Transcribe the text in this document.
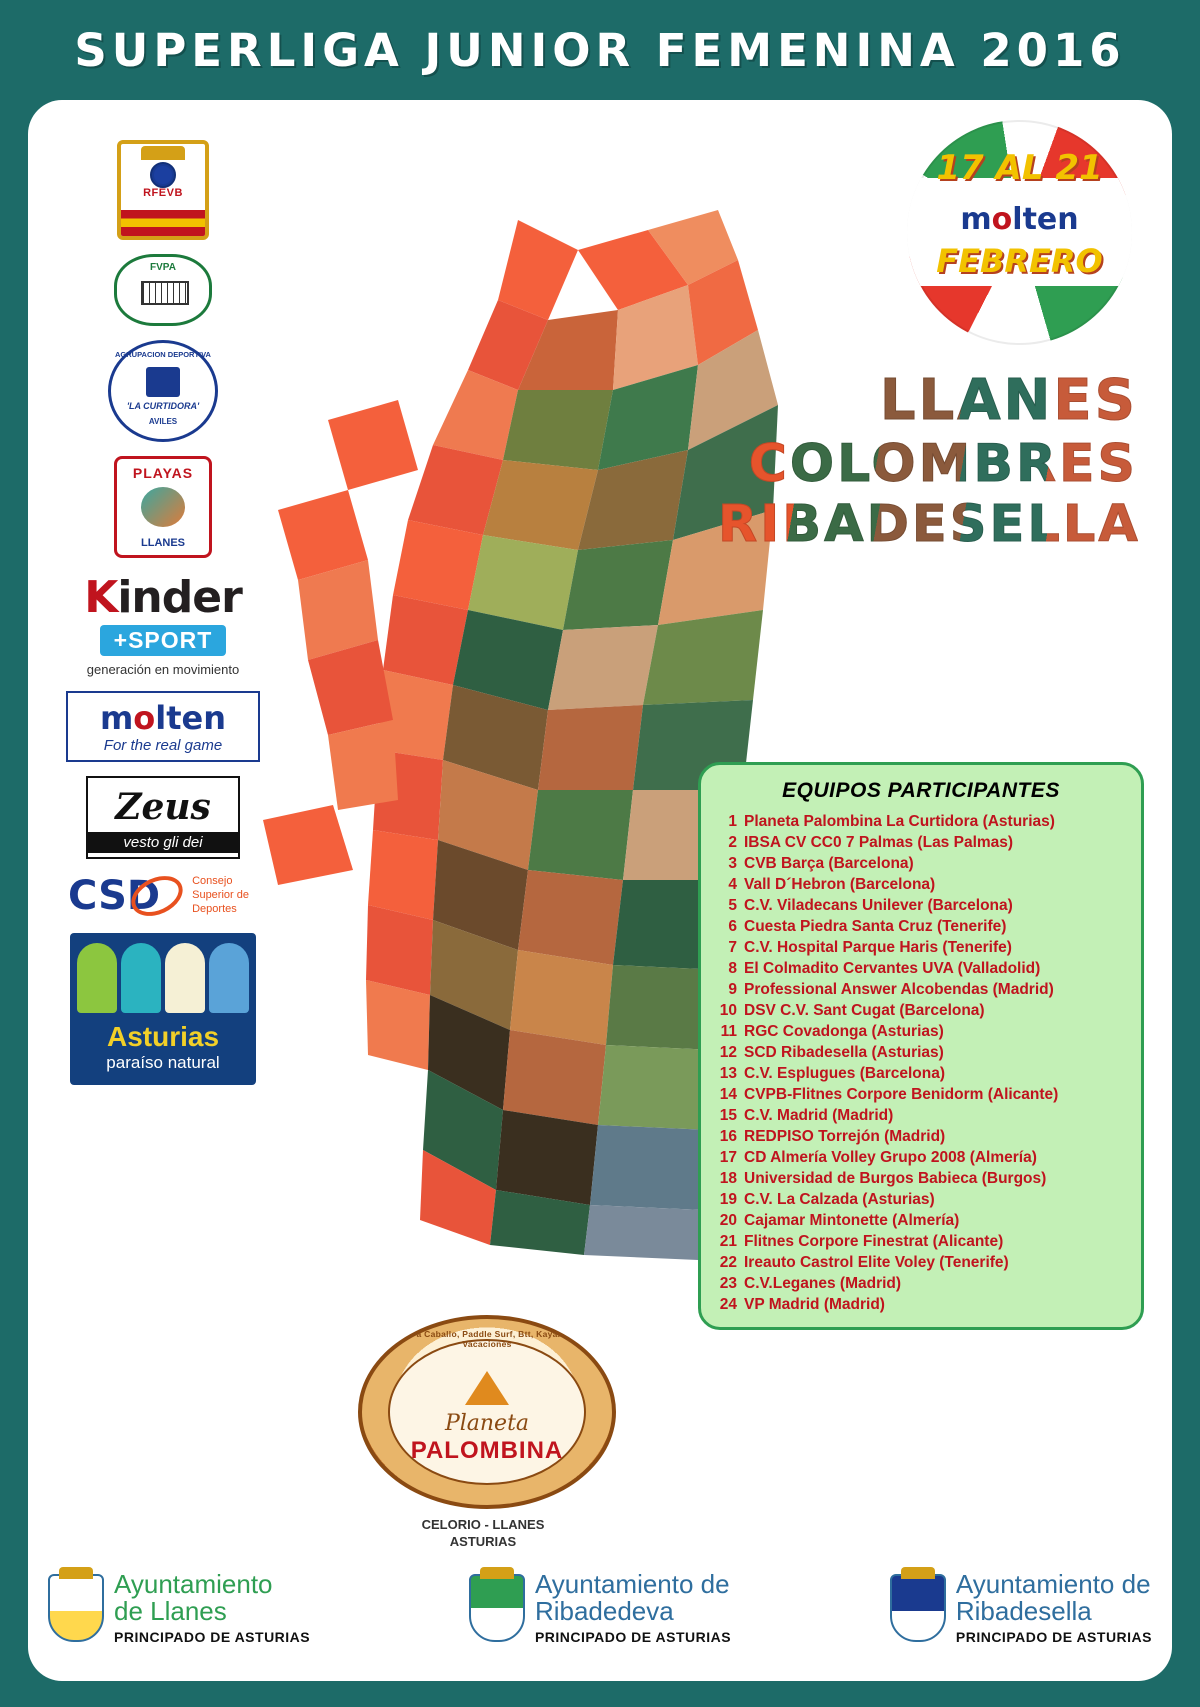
SUPERLIGA JUNIOR FEMENINA 2016
RFEVB
FVPA
AGRUPACION DEPORTIVA
'LA CURTIDORA'
AVILES
PLAYAS
LLANES
Kinder
+SPORT
generación en movimiento
molten
For the real game
Zeus
vesto gli dei
CSD	Consejo
Superior de
Deportes
Asturias
paraíso natural
17 AL 21
molten
FEBRERO
LLANES
COLOMBRES
RIBADESELLA
EQUIPOS PARTICIPANTES
1 Planeta Palombina La Curtidora (Asturias)
2 IBSA CV CC0 7 Palmas (Las Palmas)
3 CVB Barça (Barcelona)
4 Vall D´Hebron (Barcelona)
5 C.V. Viladecans Unilever (Barcelona)
6 Cuesta Piedra Santa Cruz (Tenerife)
7 C.V. Hospital Parque Haris (Tenerife)
8 El Colmadito Cervantes UVA (Valladolid)
9 Professional Answer Alcobendas (Madrid)
10 DSV C.V. Sant Cugat (Barcelona)
11 RGC Covadonga (Asturias)
12 SCD Ribadesella (Asturias)
13 C.V. Esplugues (Barcelona)
14 CVPB-Flitnes Corpore Benidorm (Alicante)
15 C.V. Madrid (Madrid)
16 REDPISO Torrejón (Madrid)
17 CD Almería Volley Grupo 2008 (Almería)
18 Universidad de Burgos Babieca (Burgos)
19 C.V. La Calzada (Asturias)
20 Cajamar Mintonette (Almería)
21 Flitnes Corpore Finestrat (Alicante)
22 Ireauto Castrol Elite Voley (Tenerife)
23 C.V.Leganes (Madrid)
24 VP Madrid (Madrid)
Surf, Rutas a Caballo, Paddle Surf, Btt, Kayak, Paintball, Vacaciones
Planeta
PALOMBINA
CELORIO - LLANES
ASTURIAS
Ayuntamiento
de Llanes
PRINCIPADO DE ASTURIAS
Ayuntamiento de
Ribadedeva
PRINCIPADO DE ASTURIAS
Ayuntamiento de
Ribadesella
PRINCIPADO DE ASTURIAS
